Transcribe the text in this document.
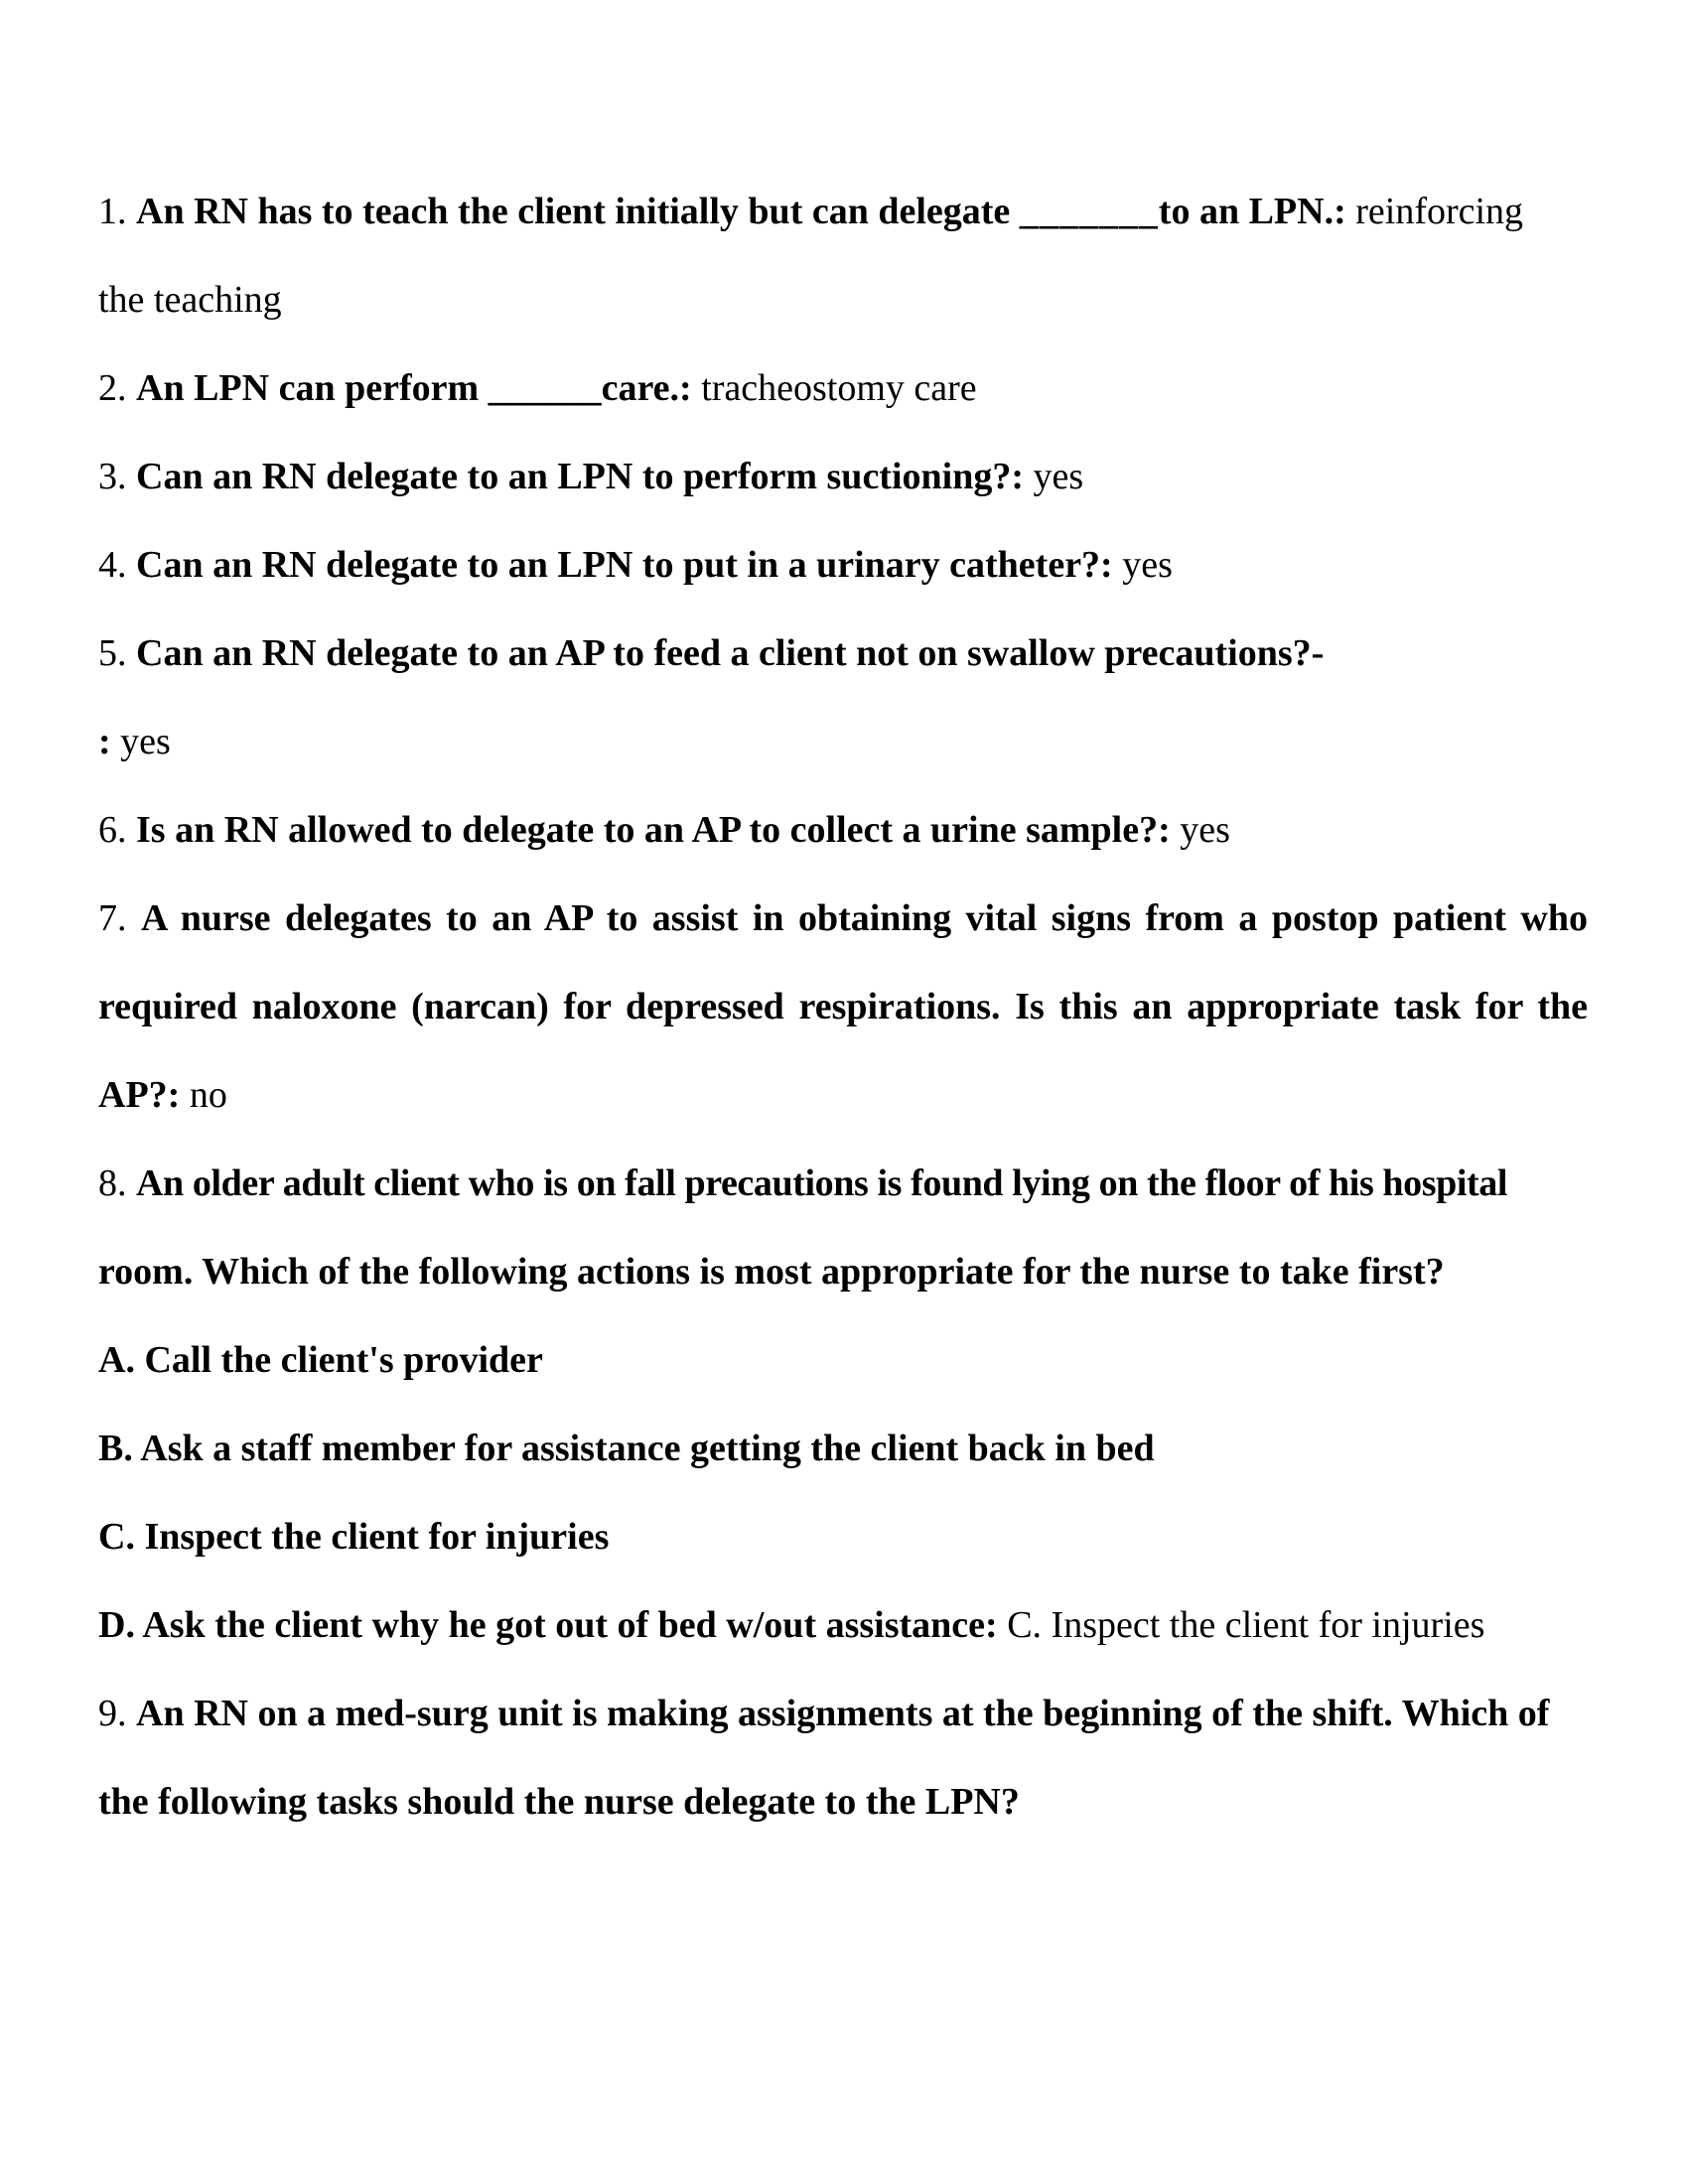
1. An RN has to teach the client initially but can delegate _______to an LPN.: reinforcing
the teaching
2. An LPN can perform ______care.: tracheostomy care
3. Can an RN delegate to an LPN to perform suctioning?: yes
4. Can an RN delegate to an LPN to put in a urinary catheter?: yes
5. Can an RN delegate to an AP to feed a client not on swallow precautions?-
: yes
6. Is an RN allowed to delegate to an AP to collect a urine sample?: yes
7. A nurse delegates to an AP to assist in obtaining vital signs from a postop patient who
required naloxone (narcan) for depressed respirations. Is this an appropriate task for the
AP?: no
8. An older adult client who is on fall precautions is found lying on the floor of his hospital
room. Which of the following actions is most appropriate for the nurse to take first?
A. Call the client's provider
B. Ask a staff member for assistance getting the client back in bed
C. Inspect the client for injuries
D. Ask the client why he got out of bed w/out assistance: C. Inspect the client for injuries
9. An RN on a med-surg unit is making assignments at the beginning of the shift. Which of
the following tasks should the nurse delegate to the LPN?
